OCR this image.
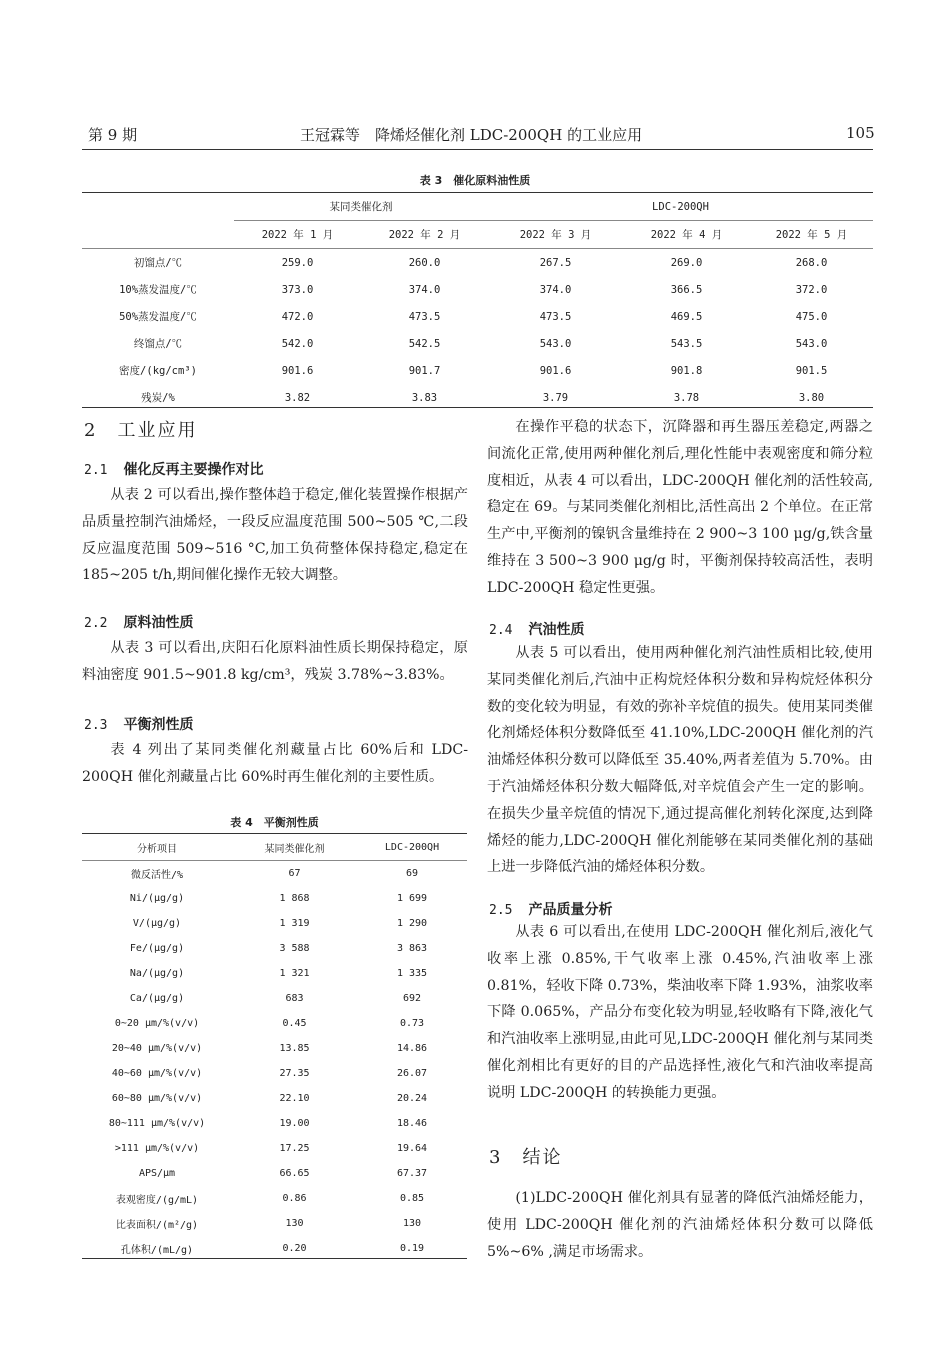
第 9 期	王冠霖等　降烯烃催化剂 LDC-200QH 的工业应用	105
表 3　催化原料油性质
	某同类催化剂		LDC-200QH		
	2022 年 1 月	2022 年 2 月	2022 年 3 月	2022 年 4 月	2022 年 5 月
初馏点/℃	259.0	260.0	267.5	269.0	268.0
10%蒸发温度/℃	373.0	374.0	374.0	366.5	372.0
50%蒸发温度/℃	472.0	473.5	473.5	469.5	475.0
终馏点/℃	542.0	542.5	543.0	543.5	543.0
密度/(kg/cm³)	901.6	901.7	901.6	901.8	901.5
残炭/%	3.82	3.83	3.79	3.78	3.80
2　工业应用
2.1 催化反再主要操作对比
从表 2 可以看出,操作整体趋于稳定,催化装置操作根据产品质量控制汽油烯烃，一段反应温度范围 500~505 ℃,二段反应温度范围 509~516 °C,加工负荷整体保持稳定,稳定在 185~205 t/h,期间催化操作无较大调整。
2.2 原料油性质
从表 3 可以看出,庆阳石化原料油性质长期保持稳定，原料油密度 901.5~901.8 kg/cm³，残炭 3.78%~3.83%。
2.3 平衡剂性质
表 4 列出了某同类催化剂藏量占比 60%后和 LDC-200QH 催化剂藏量占比 60%时再生催化剂的主要性质。
表 4　平衡剂性质
分析项目	某同类催化剂	LDC-200QH
微反活性/%	67	69
Ni/(μg/g)	1 868	1 699
V/(μg/g)	1 319	1 290
Fe/(μg/g)	3 588	3 863
Na/(μg/g)	1 321	1 335
Ca/(μg/g)	683	692
0~20 μm/%(v/v)	0.45	0.73
20~40 μm/%(v/v)	13.85	14.86
40~60 μm/%(v/v)	27.35	26.07
60~80 μm/%(v/v)	22.10	20.24
80~111 μm/%(v/v)	19.00	18.46
>111 μm/%(v/v)	17.25	19.64
APS/μm	66.65	67.37
表观密度/(g/mL)	0.86	0.85
比表面积/(m²/g)	130	130
孔体积/(mL/g)	0.20	0.19
在操作平稳的状态下，沉降器和再生器压差稳定,两器之间流化正常,使用两种催化剂后,理化性能中表观密度和筛分粒度相近，从表 4 可以看出，LDC-200QH 催化剂的活性较高,稳定在 69。与某同类催化剂相比,活性高出 2 个单位。在正常生产中,平衡剂的镍钒含量维持在 2 900~3 100 μg/g,铁含量维持在 3 500~3 900 μg/g 时，平衡剂保持较高活性，表明 LDC-200QH 稳定性更强。
2.4 汽油性质
从表 5 可以看出，使用两种催化剂汽油性质相比较,使用某同类催化剂后,汽油中正构烷烃体积分数和异构烷烃体积分数的变化较为明显，有效的弥补辛烷值的损失。使用某同类催化剂烯烃体积分数降低至 41.10%,LDC-200QH 催化剂的汽油烯烃体积分数可以降低至 35.40%,两者差值为 5.70%。由于汽油烯烃体积分数大幅降低,对辛烷值会产生一定的影响。在损失少量辛烷值的情况下,通过提高催化剂转化深度,达到降烯烃的能力,LDC-200QH 催化剂能够在某同类催化剂的基础上进一步降低汽油的烯烃体积分数。
2.5 产品质量分析
从表 6 可以看出,在使用 LDC-200QH 催化剂后,液化气收率上涨 0.85%,干气收率上涨 0.45%,汽油收率上涨 0.81%，轻收下降 0.73%，柴油收率下降 1.93%，油浆收率下降 0.065%，产品分布变化较为明显,轻收略有下降,液化气和汽油收率上涨明显,由此可见,LDC-200QH 催化剂与某同类催化剂相比有更好的目的产品选择性,液化气和汽油收率提高说明 LDC-200QH 的转换能力更强。
3　结论
(1)LDC-200QH 催化剂具有显著的降低汽油烯烃能力，使用 LDC-200QH 催化剂的汽油烯烃体积分数可以降低 5%~6% ,满足市场需求。
